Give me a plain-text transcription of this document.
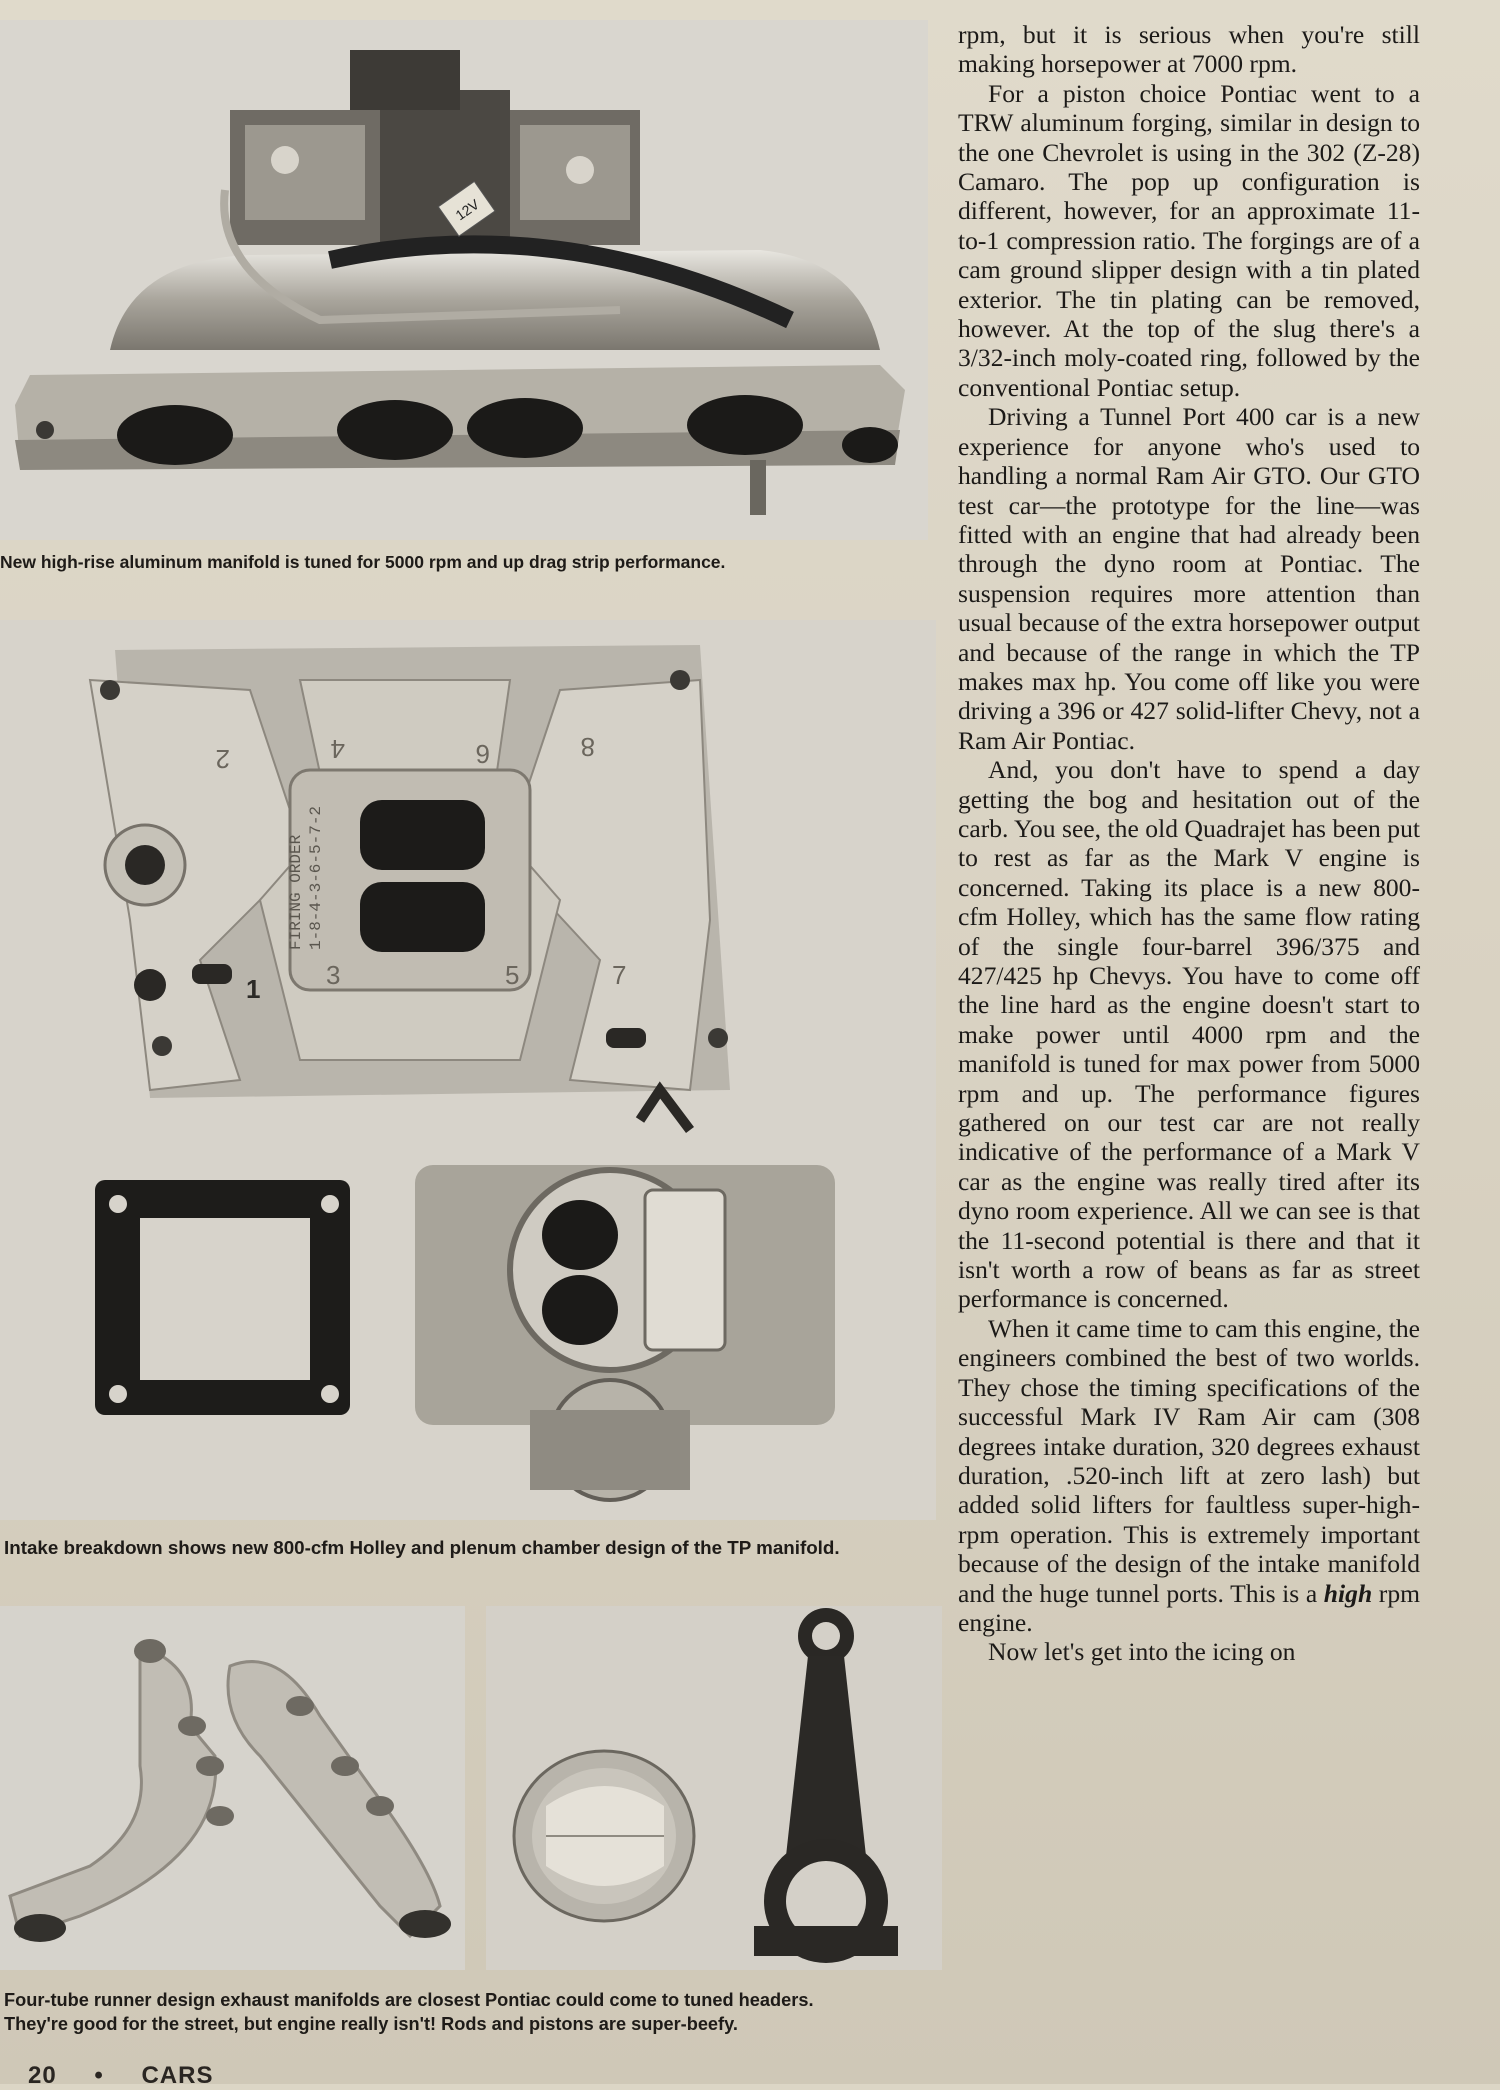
12V
New high-rise aluminum manifold is tuned for 5000 rpm and up drag strip performance.
2	4	6	8
1	3	5	7
FIRING ORDER 1-8-4-3-6-5-7-2
Intake breakdown shows new 800-cfm Holley and plenum chamber design of the TP manifold.
Four-tube runner design exhaust manifolds are closest Pontiac could come to tuned headers.
They're good for the street, but engine really isn't! Rods and pistons are super-beefy.

rpm, but it is serious when you're still making horsepower at 7000 rpm.

For a piston choice Pontiac went to a TRW aluminum forging, similar in design to the one Chevrolet is using in the 302 (Z-28) Camaro. The pop up configuration is different, however, for an approximate 11-to-1 compression ratio. The forgings are of a cam ground slipper design with a tin plated exterior. The tin plating can be removed, however. At the top of the slug there's a 3/32-inch moly-coated ring, followed by the conventional Pontiac setup.

Driving a Tunnel Port 400 car is a new experience for anyone who's used to handling a normal Ram Air GTO. Our GTO test car—the prototype for the line—was fitted with an engine that had already been through the dyno room at Pontiac. The suspension requires more attention than usual because of the extra horsepower output and because of the range in which the TP makes max hp. You come off like you were driving a 396 or 427 solid-lifter Chevy, not a Ram Air Pontiac.

And, you don't have to spend a day getting the bog and hesitation out of the carb. You see, the old Quadrajet has been put to rest as far as the Mark V engine is concerned. Taking its place is a new 800-cfm Holley, which has the same flow rating of the single four-barrel 396/375 and 427/425 hp Chevys. You have to come off the line hard as the engine doesn't start to make power until 4000 rpm and the manifold is tuned for max power from 5000 rpm and up. The performance figures gathered on our test car are not really indicative of the performance of a Mark V car as the engine was really tired after its dyno room experience. All we can see is that the 11-second potential is there and that it isn't worth a row of beans as far as street performance is concerned.

When it came time to cam this engine, the engineers combined the best of two worlds. They chose the timing specifications of the successful Mark IV Ram Air cam (308 degrees intake duration, 320 degrees exhaust duration, .520-inch lift at zero lash) but added solid lifters for faultless super-high-rpm operation. This is extremely important because of the design of the intake manifold and the huge tunnel ports. This is a high rpm engine.

Now let's get into the icing on

20 • CARS
